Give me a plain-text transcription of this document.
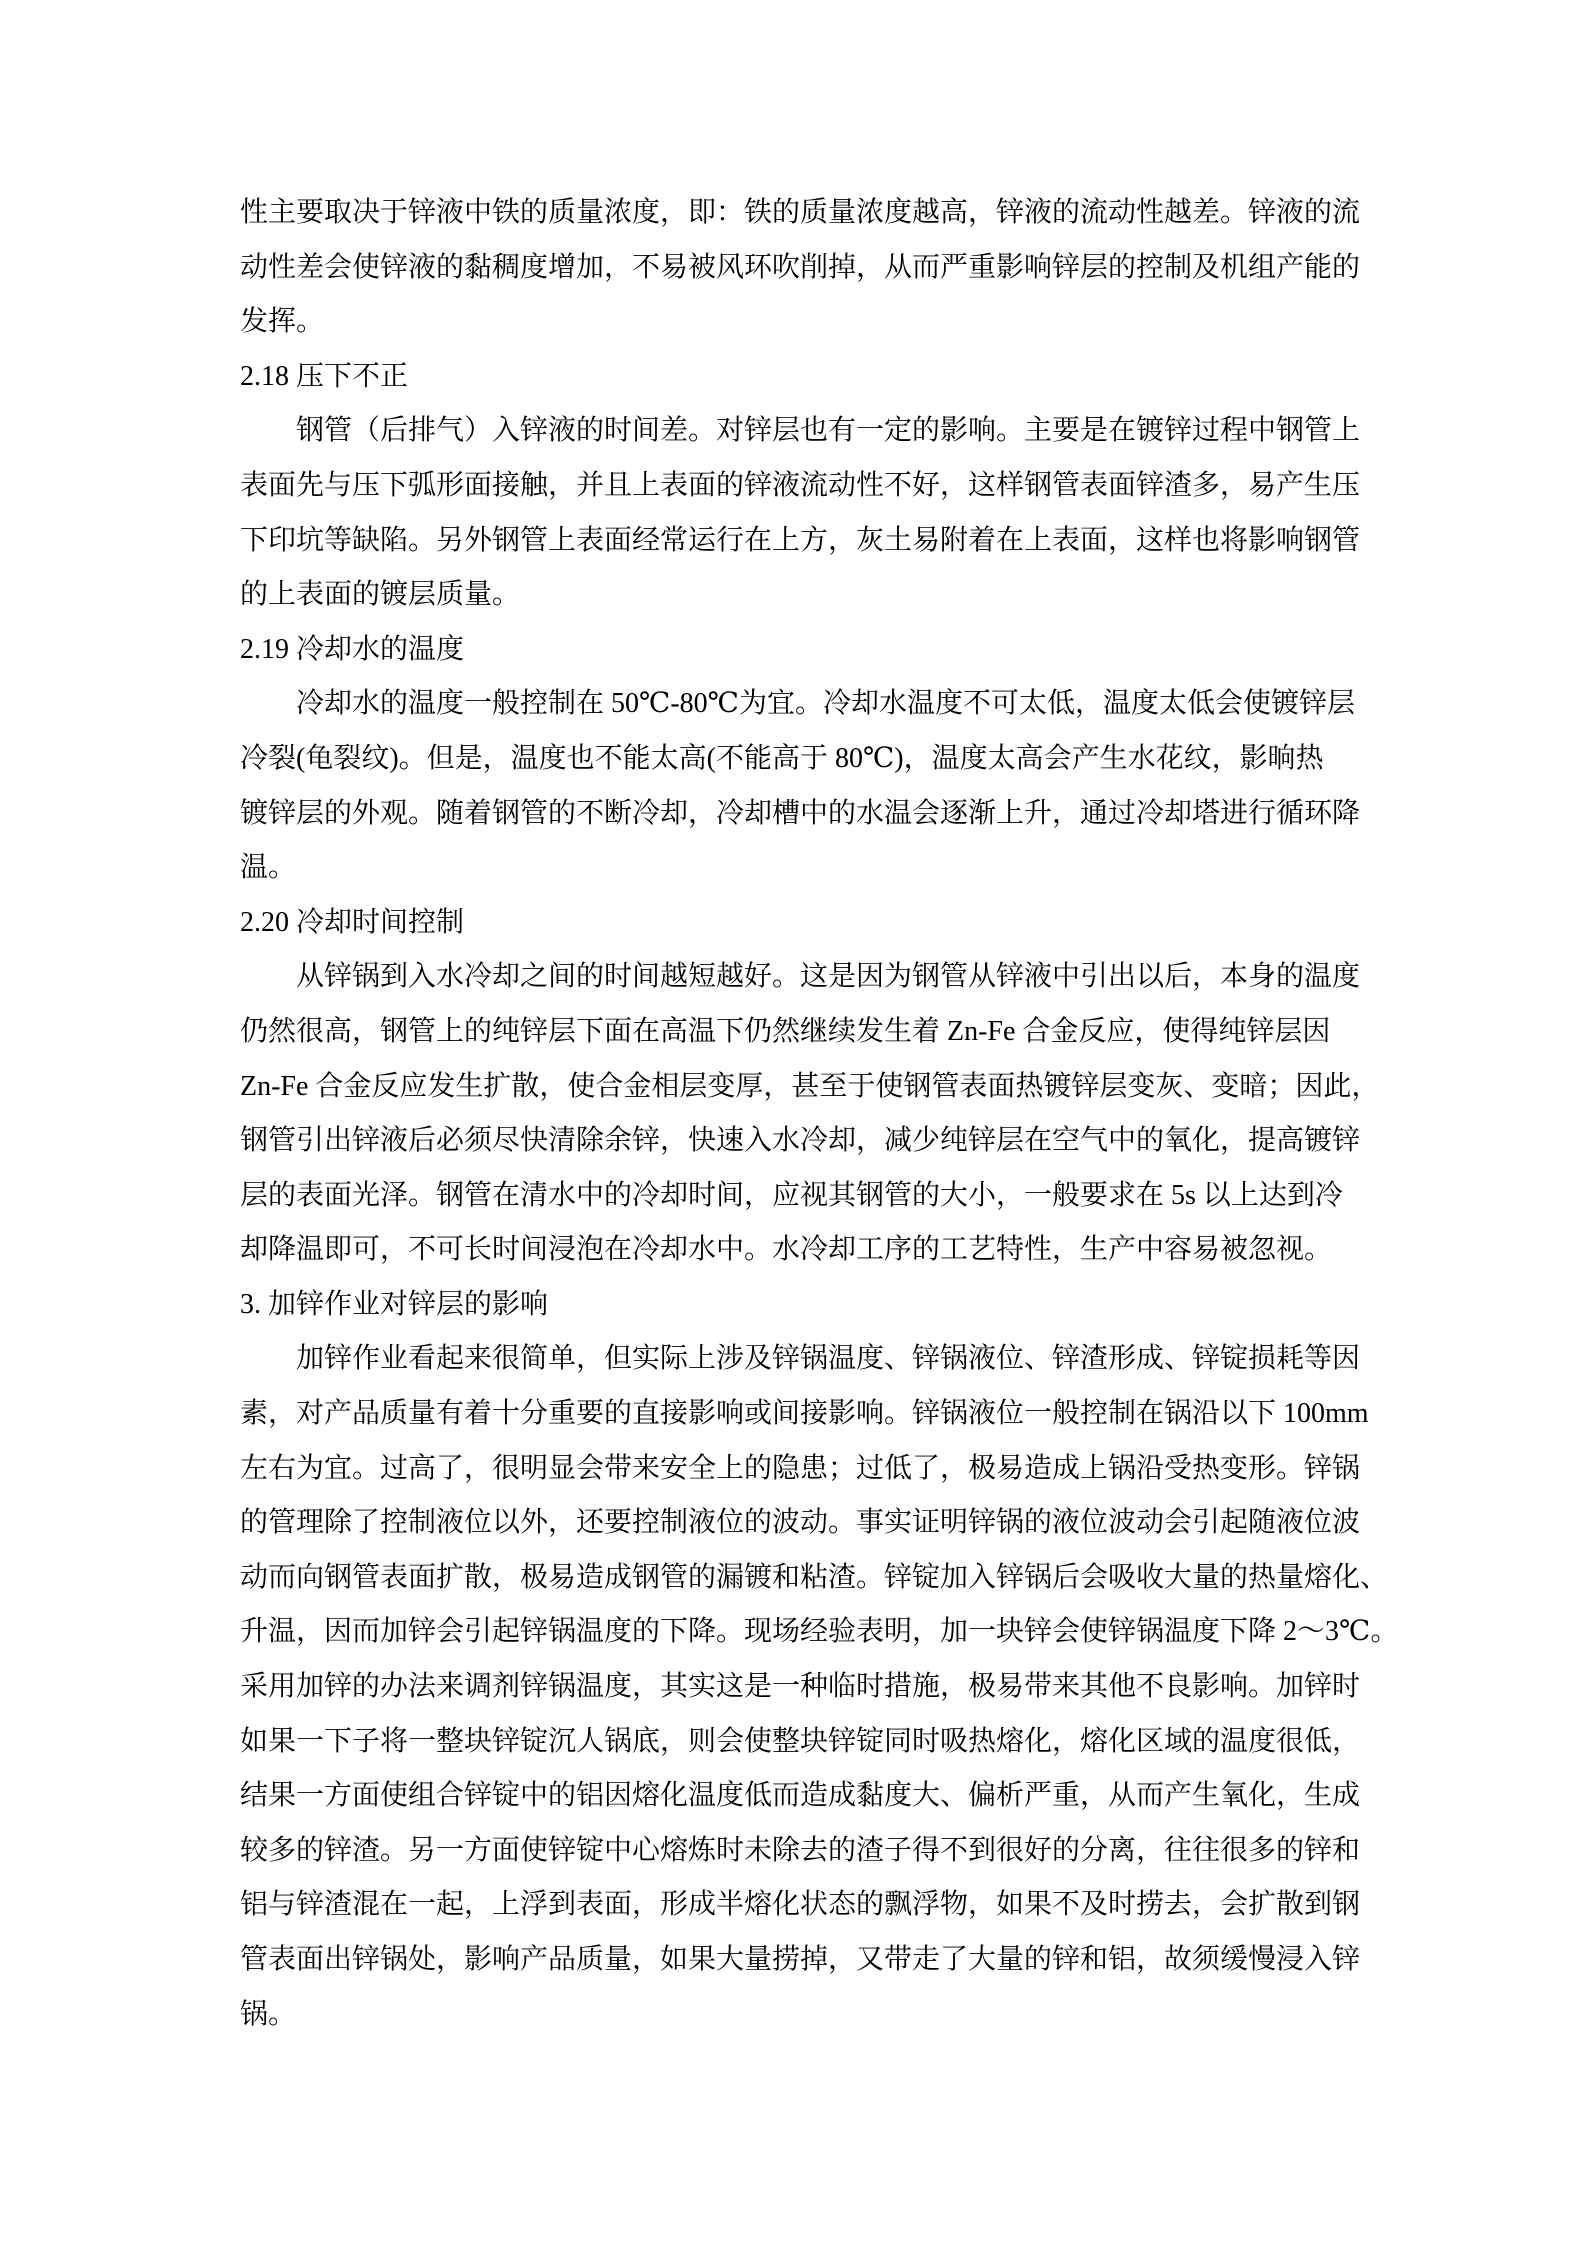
性主要取决于锌液中铁的质量浓度，即：铁的质量浓度越高，锌液的流动性越差。锌液的流
动性差会使锌液的黏稠度增加，不易被风环吹削掉，从而严重影响锌层的控制及机组产能的
发挥。
2.18 压下不正
钢管（后排气）入锌液的时间差。对锌层也有一定的影响。主要是在镀锌过程中钢管上
表面先与压下弧形面接触，并且上表面的锌液流动性不好，这样钢管表面锌渣多，易产生压
下印坑等缺陷。另外钢管上表面经常运行在上方，灰土易附着在上表面，这样也将影响钢管
的上表面的镀层质量。
2.19 冷却水的温度
冷却水的温度一般控制在 50℃-80℃为宜。冷却水温度不可太低，温度太低会使镀锌层
冷裂(龟裂纹)。但是，温度也不能太高(不能高于 80℃)，温度太高会产生水花纹，影晌热
镀锌层的外观。随着钢管的不断冷却，冷却槽中的水温会逐渐上升，通过冷却塔进行循环降
温。
2.20 冷却时间控制
从锌锅到入水冷却之间的时间越短越好。这是因为钢管从锌液中引出以后，本身的温度
仍然很高，钢管上的纯锌层下面在高温下仍然继续发生着 Zn-Fe 合金反应，使得纯锌层因
Zn-Fe 合金反应发生扩散，使合金相层变厚，甚至于使钢管表面热镀锌层变灰、变暗；因此，
钢管引出锌液后必须尽快清除余锌，快速入水冷却，减少纯锌层在空气中的氧化，提高镀锌
层的表面光泽。钢管在清水中的冷却时间，应视其钢管的大小，一般要求在 5s 以上达到冷
却降温即可，不可长时间浸泡在冷却水中。水冷却工序的工艺特性，生产中容易被忽视。
3. 加锌作业对锌层的影响
加锌作业看起来很简单，但实际上涉及锌锅温度、锌锅液位、锌渣形成、锌锭损耗等因
素，对产品质量有着十分重要的直接影响或间接影响。锌锅液位一般控制在锅沿以下 100mm
左右为宜。过高了，很明显会带来安全上的隐患；过低了，极易造成上锅沿受热变形。锌锅
的管理除了控制液位以外，还要控制液位的波动。事实证明锌锅的液位波动会引起随液位波
动而向钢管表面扩散，极易造成钢管的漏镀和粘渣。锌锭加入锌锅后会吸收大量的热量熔化、
升温，因而加锌会引起锌锅温度的下降。现场经验表明，加一块锌会使锌锅温度下降 2～3℃。
采用加锌的办法来调剂锌锅温度，其实这是一种临时措施，极易带来其他不良影响。加锌时
如果一下子将一整块锌锭沉人锅底，则会使整块锌锭同时吸热熔化，熔化区域的温度很低，
结果一方面使组合锌锭中的铝因熔化温度低而造成黏度大、偏析严重，从而产生氧化，生成
较多的锌渣。另一方面使锌锭中心熔炼时未除去的渣子得不到很好的分离，往往很多的锌和
铝与锌渣混在一起，上浮到表面，形成半熔化状态的飘浮物，如果不及时捞去，会扩散到钢
管表面出锌锅处，影响产品质量，如果大量捞掉，又带走了大量的锌和铝，故须缓慢浸入锌
锅。
